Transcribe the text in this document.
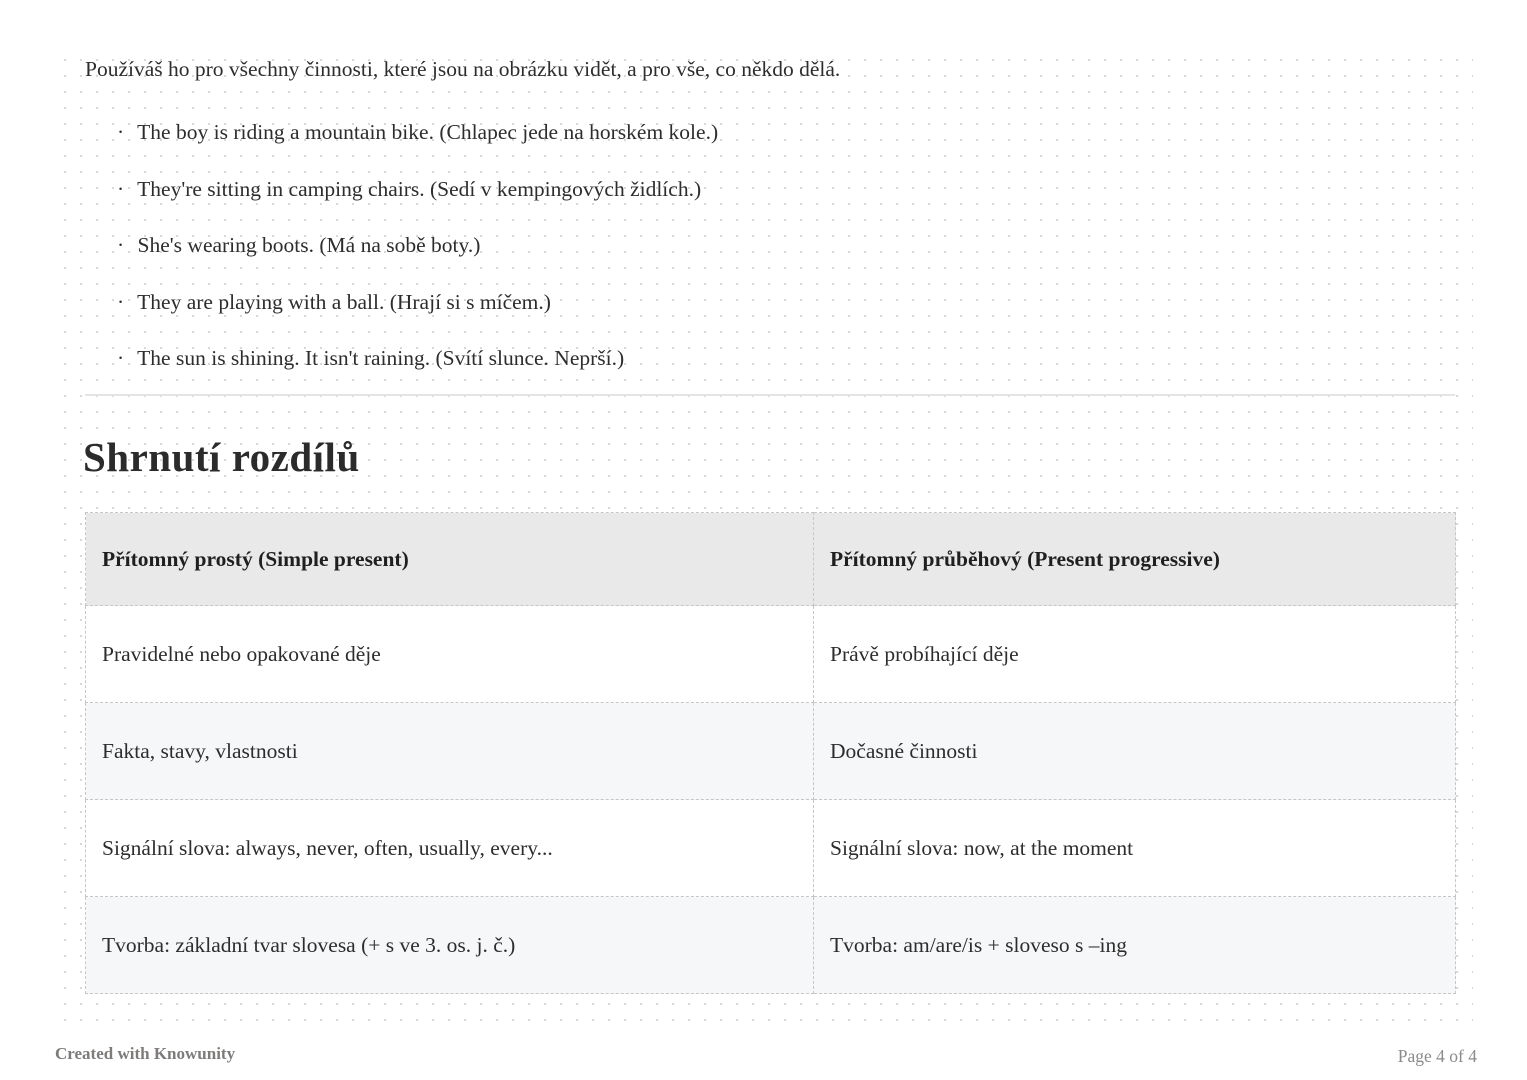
Používáš ho pro všechny činnosti, které jsou na obrázku vidět, a pro vše, co někdo dělá.

· The boy is riding a mountain bike. (Chlapec jede na horském kole.)
· They're sitting in camping chairs. (Sedí v kempingových židlích.)
· She's wearing boots. (Má na sobě boty.)
· They are playing with a ball. (Hrají si s míčem.)
· The sun is shining. It isn't raining. (Svítí slunce. Neprší.)
Shrnutí rozdílů
Přítomný prostý (Simple present)	Přítomný průběhový (Present progressive)
Pravidelné nebo opakované děje	Právě probíhající děje
Fakta, stavy, vlastnosti	Dočasné činnosti
Signální slova: always, never, often, usually, every...	Signální slova: now, at the moment
Tvorba: základní tvar slovesa (+ s ve 3. os. j. č.)	Tvorba: am/are/is + sloveso s –ing
Created with Knowunity	Page 4 of 4
